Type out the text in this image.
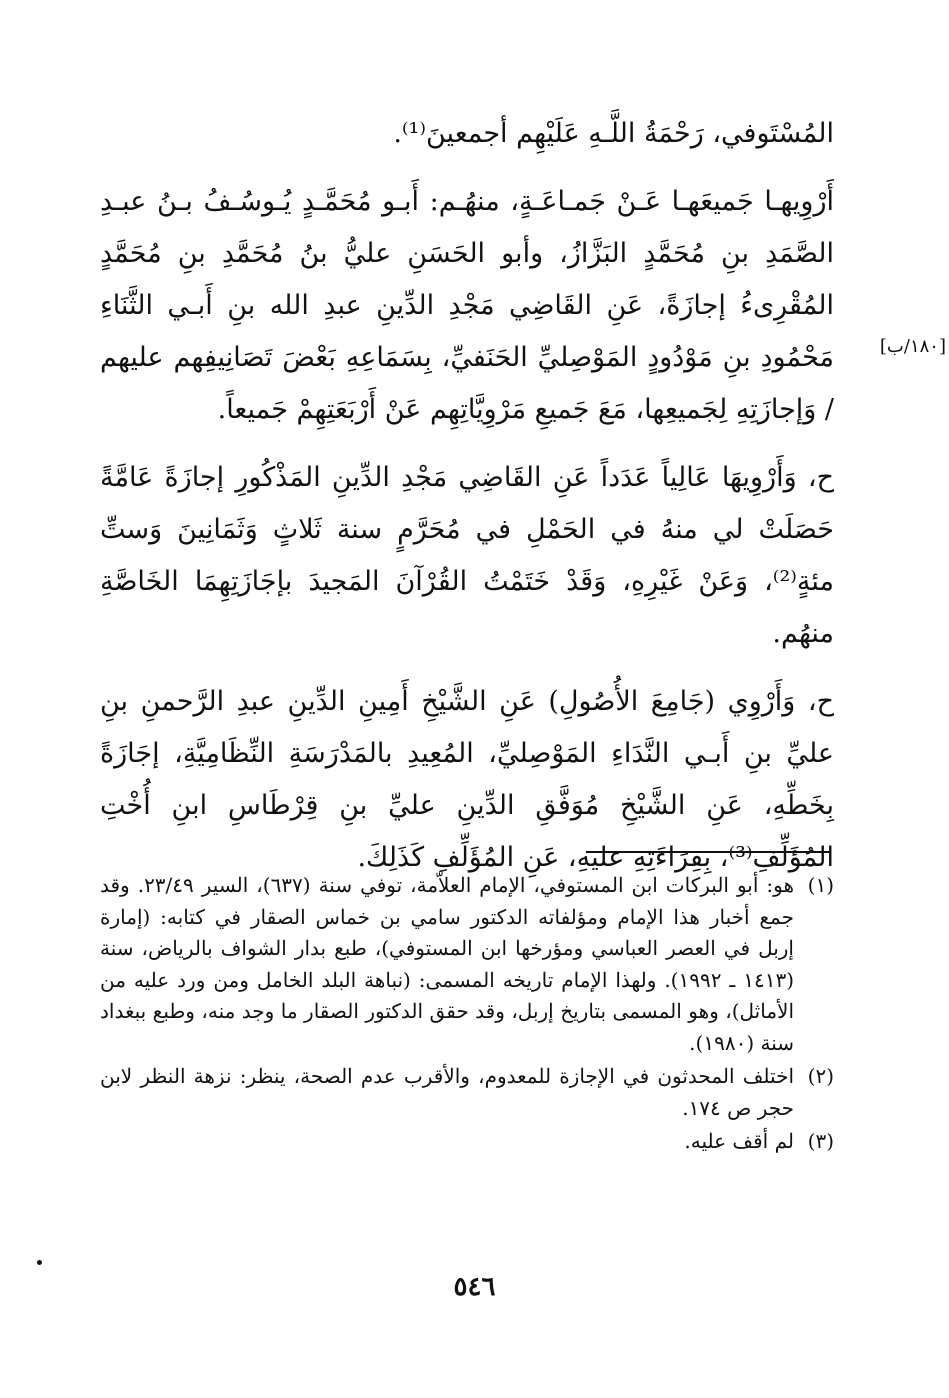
المُسْتَوفي، رَحْمَةُ اللَّـهِ عَلَيْهِم أجمعينَ⁽¹⁾.

أَرْوِيهـا جَميعَهـا عَـنْ جَمـاعَـةٍ، منهُـم: أَبـو مُحَمَّـدٍ يُـوسُـفُ بـنُ عبـدِ الصَّمَدِ بنِ مُحَمَّدٍ البَزَّازُ، وأبو الحَسَنِ عليُّ بنُ مُحَمَّدِ بنِ مُحَمَّدٍ المُقْرِىءُ إجازَةً، عَنِ القَاضِي مَجْدِ الدِّينِ عبدِ الله بنِ أَبـي الثَّنَاءِ مَحْمُودِ بنِ مَوْدُودٍ المَوْصِليِّ الحَنَفيِّ، بِسَمَاعِهِ بَعْضَ تَصَانِيفِهم عليهم / وَإجازَتِهِ لِجَميعِها، مَعَ جَميعِ مَرْوِيَّاتِهِم عَنْ أَرْبَعَتِهِمْ جَميعاً.

ح، وَأَرْوِيهَا عَالِياً عَدَداً عَنِ القَاضِي مَجْدِ الدِّينِ المَذْكُورِ إجازَةً عَامَّةً حَصَلَتْ لي منهُ في الحَمْلِ في مُحَرَّمٍ سنة ثَلاثٍ وَثَمَانِينَ وَستِّ مئةٍ⁽²⁾، وَعَنْ غَيْرِهِ، وَقَدْ خَتَمْتُ القُرْآنَ المَجيدَ بإجَازَتِهِمَا الخَاصَّةِ منهُم.

ح، وَأَرْوِي (جَامِعَ الأُصُولِ) عَنِ الشَّيْخِ أَمِينِ الدِّينِ عبدِ الرَّحمنِ بنِ عليِّ بنِ أَبـي النَّدَاءِ المَوْصِليِّ، المُعِيدِ بالمَدْرَسَةِ النِّظَامِيَّةِ، إجَازَةً بِخَطِّهِ، عَنِ الشَّيْخِ مُوَفَّقِ الدِّينِ عليِّ بنِ قِرْطَاسِ ابنِ أُخْتِ المُؤَلِّفِ⁽³⁾، بِقِرَاءَتِهِ عليهِ، عَنِ المُؤَلِّفِ كَذَلِكَ.

[١٨٠/ب]
(١)
هو: أبو البركات ابن المستوفي، الإمام العلاّمة، توفي سنة (٦٣٧)، السير ٢٣/٤٩. وقد جمع أخبار هذا الإمام ومؤلفاته الدكتور سامي بن خماس الصقار في كتابه: (إمارة إربل في العصر العباسي ومؤرخها ابن المستوفي)، طبع بدار الشواف بالرياض، سنة (١٤١٣ ـ ١٩٩٢). ولهذا الإمام تاريخه المسمى: (نباهة البلد الخامل ومن ورد عليه من الأماثل)، وهو المسمى بتاريخ إربل، وقد حقق الدكتور الصقار ما وجد منه، وطبع ببغداد سنة (١٩٨٠).
(٢)
اختلف المحدثون في الإجازة للمعدوم، والأقرب عدم الصحة، ينظر: نزهة النظر لابن حجر ص ١٧٤.
(٣)
لم أقف عليه.
٥٤٦
